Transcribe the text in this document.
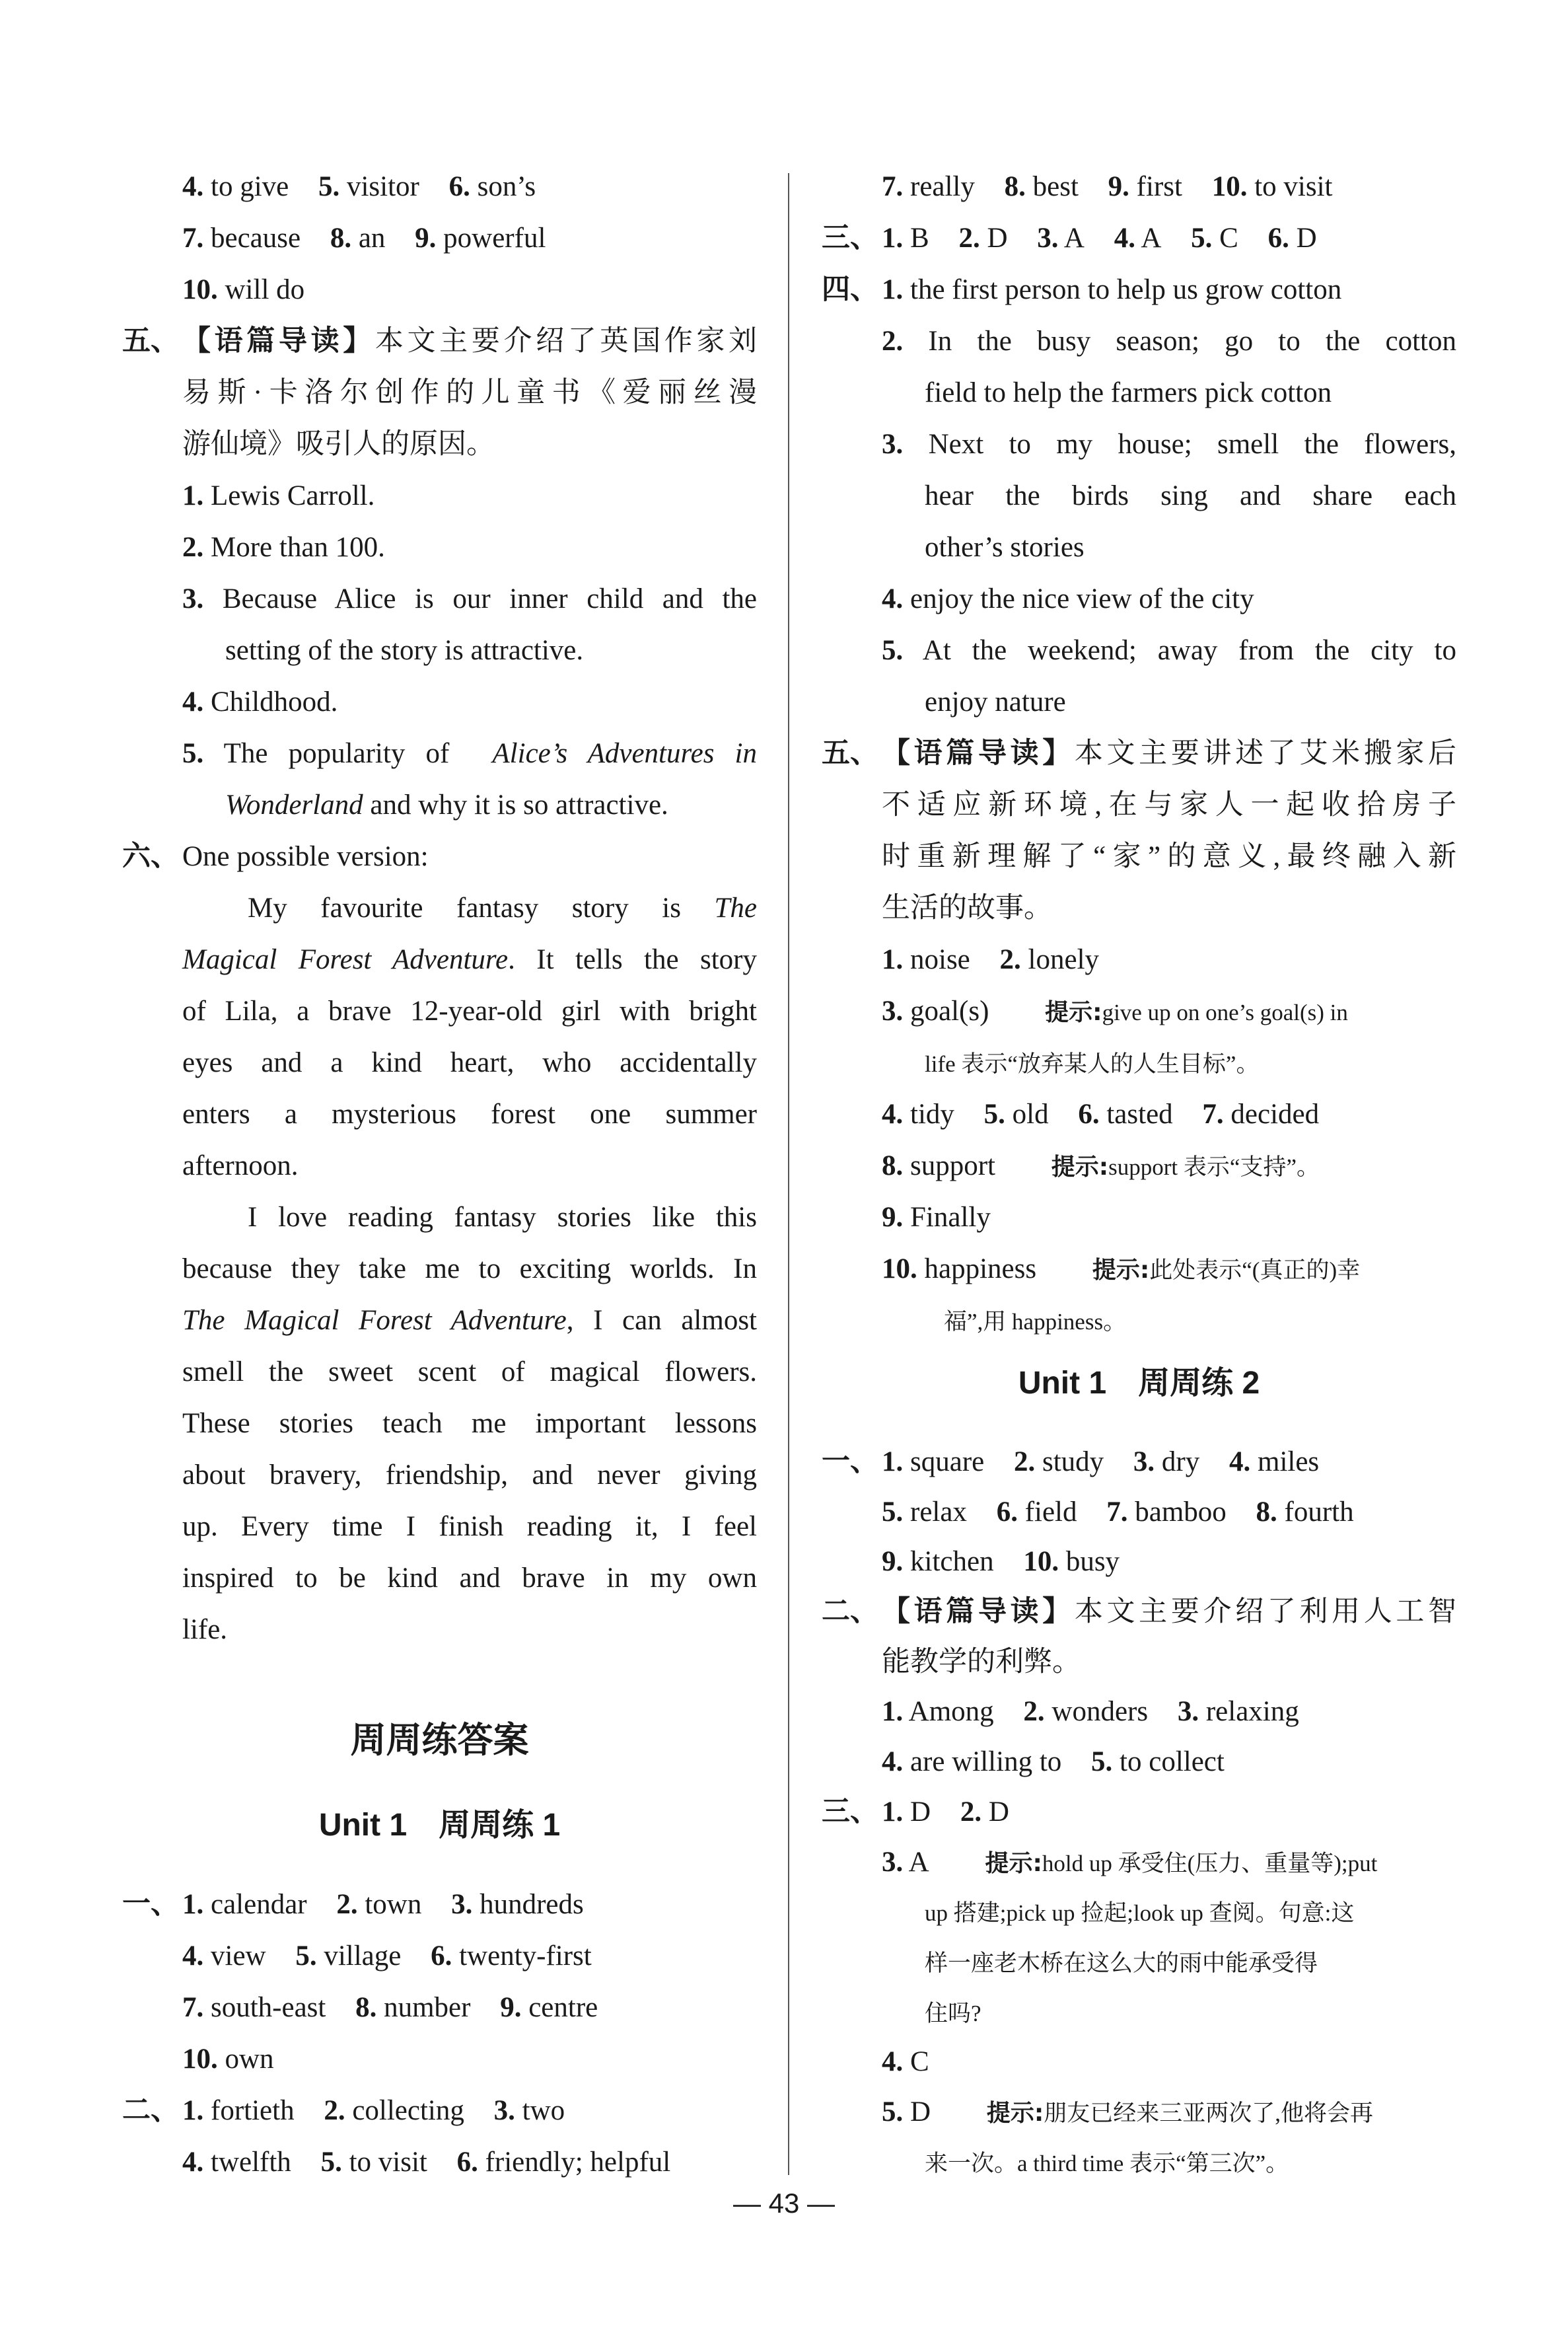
4. to give 5. visitor 6. son’s
7. because 8. an 9. powerful
10. will do
五、 【语篇导读】本文主要介绍了英国作家刘
易斯·卡洛尔创作的儿童书《爱丽丝漫
游仙境》吸引人的原因。
1. Lewis Carroll.
2. More than 100.
3. Because Alice is our inner child and the
setting of the story is attractive.
4. Childhood.
5. The popularity of Alice’s Adventures in
Wonderland and why it is so attractive.
六、 One possible version:
My favourite fantasy story is The
Magical Forest Adventure. It tells the story
of Lila, a brave 12-year-old girl with bright
eyes and a kind heart, who accidentally
enters a mysterious forest one summer
afternoon.
I love reading fantasy stories like this
because they take me to exciting worlds. In
The Magical Forest Adventure, I can almost
smell the sweet scent of magical flowers.
These stories teach me important lessons
about bravery, friendship, and never giving
up. Every time I finish reading it, I feel
inspired to be kind and brave in my own
life.
周周练答案
Unit 1　周周练 1
一、 1. calendar 2. town 3. hundreds
4. view 5. village 6. twenty-first
7. south-east 8. number 9. centre
10. own
二、 1. fortieth 2. collecting 3. two
4. twelfth 5. to visit 6. friendly; helpful
7. really 8. best 9. first 10. to visit
三、 1. B 2. D 3. A 4. A 5. C 6. D
四、 1. the first person to help us grow cotton
2. In the busy season; go to the cotton
field to help the farmers pick cotton
3. Next to my house; smell the flowers,
hear the birds sing and share each
other’s stories
4. enjoy the nice view of the city
5. At the weekend; away from the city to
enjoy nature
五、 【语篇导读】本文主要讲述了艾米搬家后
不适应新环境,在与家人一起收拾房子
时重新理解了“家”的意义,最终融入新
生活的故事。
1. noise 2. lonely
3. goal(s) 提示:give up on one’s goal(s) in
life 表示“放弃某人的人生目标”。
4. tidy 5. old 6. tasted 7. decided
8. support 提示:support 表示“支持”。
9. Finally
10. happiness 提示:此处表示“(真正的)幸
福”,用 happiness。
Unit 1　周周练 2
一、 1. square 2. study 3. dry 4. miles
5. relax 6. field 7. bamboo 8. fourth
9. kitchen 10. busy
二、 【语篇导读】本文主要介绍了利用人工智
能教学的利弊。
1. Among 2. wonders 3. relaxing
4. are willing to 5. to collect
三、 1. D 2. D
3. A 提示:hold up 承受住(压力、重量等);put
up 搭建;pick up 捡起;look up 查阅。句意:这
样一座老木桥在这么大的雨中能承受得
住吗?
4. C
5. D 提示:朋友已经来三亚两次了,他将会再
来一次。a third time 表示“第三次”。
— 43 —
